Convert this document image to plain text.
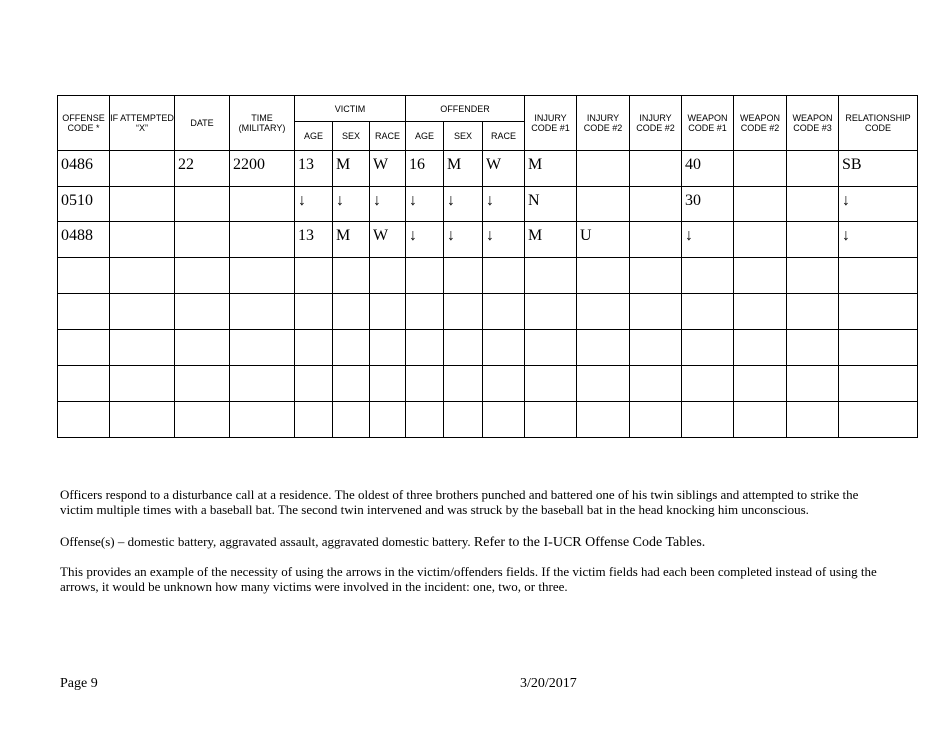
OFFENSE CODE *	IF ATTEMPTED “X”	DATE	TIME (MILITARY)	VICTIM			OFFENDER			INJURY CODE #1	INJURY CODE #2	INJURY CODE #2	WEAPON CODE #1	WEAPON CODE #2	WEAPON CODE #3	RELATIONSHIP CODE
				AGE	SEX	RACE	AGE	SEX	RACE							
0486		22	2200	13	M	W	16	M	W	M			40			SB
0510				↓	↓	↓	↓	↓	↓	N			30			↓
0488				13	M	W	↓	↓	↓	M	U		↓			↓

Officers respond to a disturbance call at a residence. The oldest of three brothers punched and battered one of his twin siblings and attempted to strike the victim multiple times with a baseball bat. The second twin intervened and was struck by the baseball bat in the head knocking him unconscious.
Offense(s) – domestic battery, aggravated assault, aggravated domestic battery. Refer to the I-UCR Offense Code Tables.
This provides an example of the necessity of using the arrows in the victim/offenders fields. If the victim fields had each been completed instead of using the arrows, it would be unknown how many victims were involved in the incident: one, two, or three.
Page 9	3/20/2017
